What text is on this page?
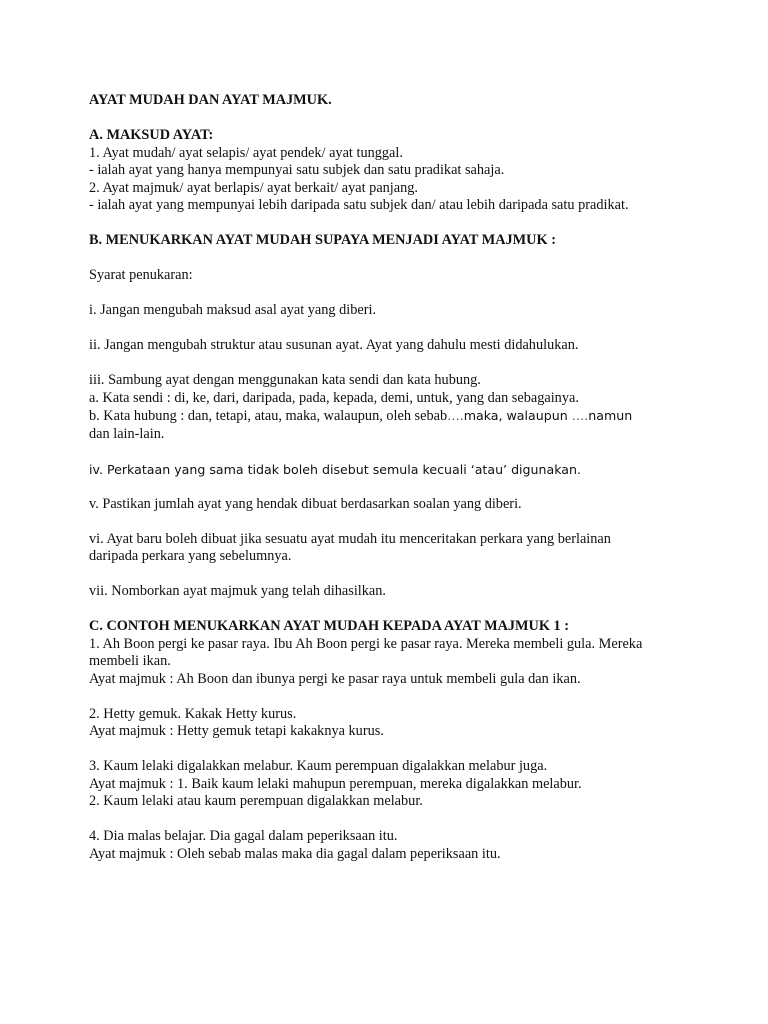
AYAT MUDAH DAN AYAT MAJMUK.
A. MAKSUD AYAT:
1. Ayat mudah/ ayat selapis/ ayat pendek/ ayat tunggal.
- ialah ayat yang hanya mempunyai satu subjek dan satu pradikat sahaja.
2. Ayat majmuk/ ayat berlapis/ ayat berkait/ ayat panjang.
- ialah ayat yang mempunyai lebih daripada satu subjek dan/ atau lebih daripada satu pradikat.
B. MENUKARKAN AYAT MUDAH SUPAYA MENJADI AYAT MAJMUK :
Syarat penukaran:
i. Jangan mengubah maksud asal ayat yang diberi.
ii. Jangan mengubah struktur atau susunan ayat. Ayat yang dahulu mesti didahulukan.
iii. Sambung ayat dengan menggunakan kata sendi dan kata hubung.
a. Kata sendi : di, ke, dari, daripada, pada, kepada, demi, untuk, yang dan sebagainya.
b. Kata hubung : dan, tetapi, atau, maka, walaupun, oleh sebab….maka, walaupun ….namun
dan lain-lain.
iv. Perkataan yang sama tidak boleh disebut semula kecuali ‘atau’ digunakan.
v. Pastikan jumlah ayat yang hendak dibuat berdasarkan soalan yang diberi.
vi. Ayat baru boleh dibuat jika sesuatu ayat mudah itu menceritakan perkara yang berlainan
daripada perkara yang sebelumnya.
vii. Nomborkan ayat majmuk yang telah dihasilkan.
C. CONTOH MENUKARKAN AYAT MUDAH KEPADA AYAT MAJMUK 1 :
1. Ah Boon pergi ke pasar raya. Ibu Ah Boon pergi ke pasar raya. Mereka membeli gula. Mereka
membeli ikan.
Ayat majmuk : Ah Boon dan ibunya pergi ke pasar raya untuk membeli gula dan ikan.
2. Hetty gemuk. Kakak Hetty kurus.
Ayat majmuk : Hetty gemuk tetapi kakaknya kurus.
3. Kaum lelaki digalakkan melabur. Kaum perempuan digalakkan melabur juga.
Ayat majmuk : 1. Baik kaum lelaki mahupun perempuan, mereka digalakkan melabur.
2. Kaum lelaki atau kaum perempuan digalakkan melabur.
4. Dia malas belajar. Dia gagal dalam peperiksaan itu.
Ayat majmuk : Oleh sebab malas maka dia gagal dalam peperiksaan itu.
